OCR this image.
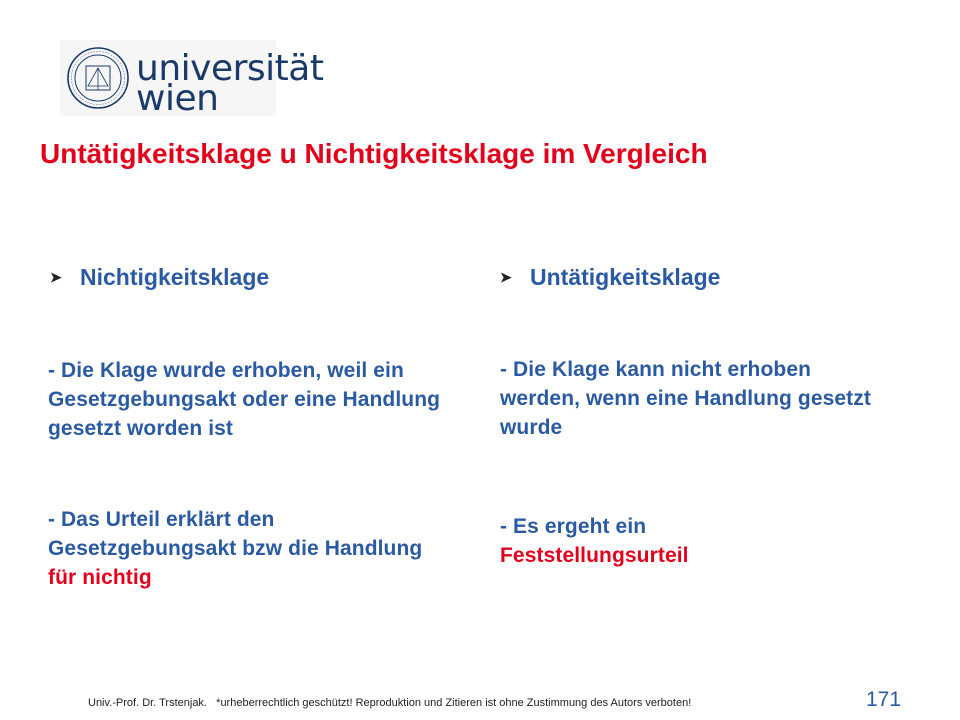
universität
wien
Untätigkeitsklage u Nichtigkeitsklage im Vergleich
➤ Nichtigkeitsklage
- Die Klage wurde erhoben, weil ein Gesetzgebungsakt oder eine Handlung gesetzt worden ist
- Das Urteil erklärt den Gesetzgebungsakt bzw die Handlung für nichtig
➤ Untätigkeitsklage
- Die Klage kann nicht erhoben werden, wenn eine Handlung gesetzt wurde
- Es ergeht ein
Feststellungsurteil
Univ.-Prof. Dr. Trstenjak.   *urheberrechtlich geschützt! Reproduktion und Zitieren ist ohne Zustimmung des Autors verboten!	171
